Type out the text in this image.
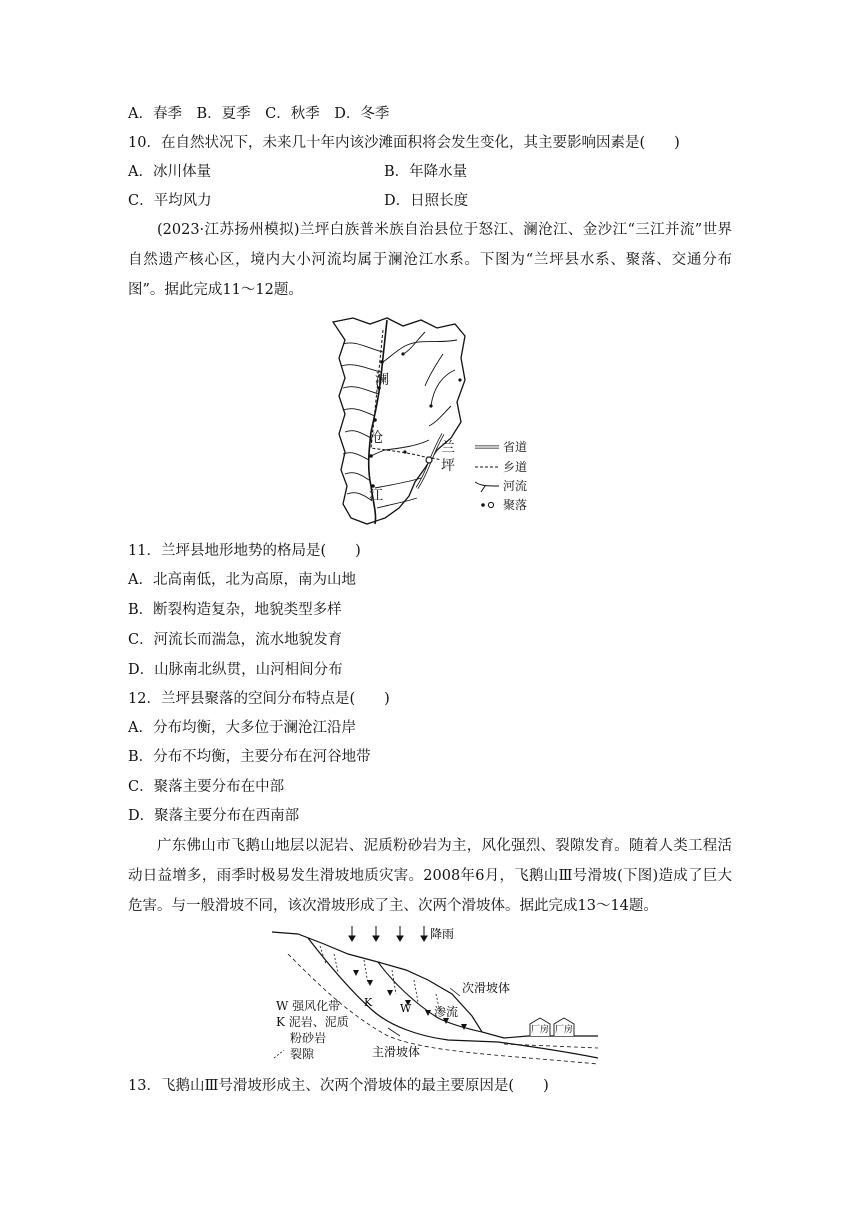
A．春季　B．夏季　C．秋季　D．冬季
10．在自然状况下，未来几十年内该沙滩面积将会发生变化，其主要影响因素是(　　)
A．冰川体量	B．年降水量
C．平均风力	D．日照长度
(2023·江苏扬州模拟)兰坪白族普米族自治县位于怒江、澜沧江、金沙江“三江并流”世界自然遗产核心区，境内大小河流均属于澜沧江水系。下图为“兰坪县水系、聚落、交通分布图”。据此完成11～12题。
澜
沧
江
兰
坪
省道
乡道
河流
聚落
11．兰坪县地形地势的格局是(　　)
A．北高南低，北为高原，南为山地
B．断裂构造复杂，地貌类型多样
C．河流长而湍急，流水地貌发育
D．山脉南北纵贯，山河相间分布
12．兰坪县聚落的空间分布特点是(　　)
A．分布均衡，大多位于澜沧江沿岸
B．分布不均衡，主要分布在河谷地带
C．聚落主要分布在中部
D．聚落主要分布在西南部
广东佛山市飞鹅山地层以泥岩、泥质粉砂岩为主，风化强烈、裂隙发育。随着人类工程活动日益增多，雨季时极易发生滑坡地质灾害。2008年6月，飞鹅山Ⅲ号滑坡(下图)造成了巨大危害。与一般滑坡不同，该次滑坡形成了主、次两个滑坡体。据此完成13～14题。
降雨
K	W
次滑坡体
渗流
主滑坡体
厂房 厂房
W 强风化带
K 泥岩、泥质
粉砂岩
裂隙
13．飞鹅山Ⅲ号滑坡形成主、次两个滑坡体的最主要原因是(　　)
